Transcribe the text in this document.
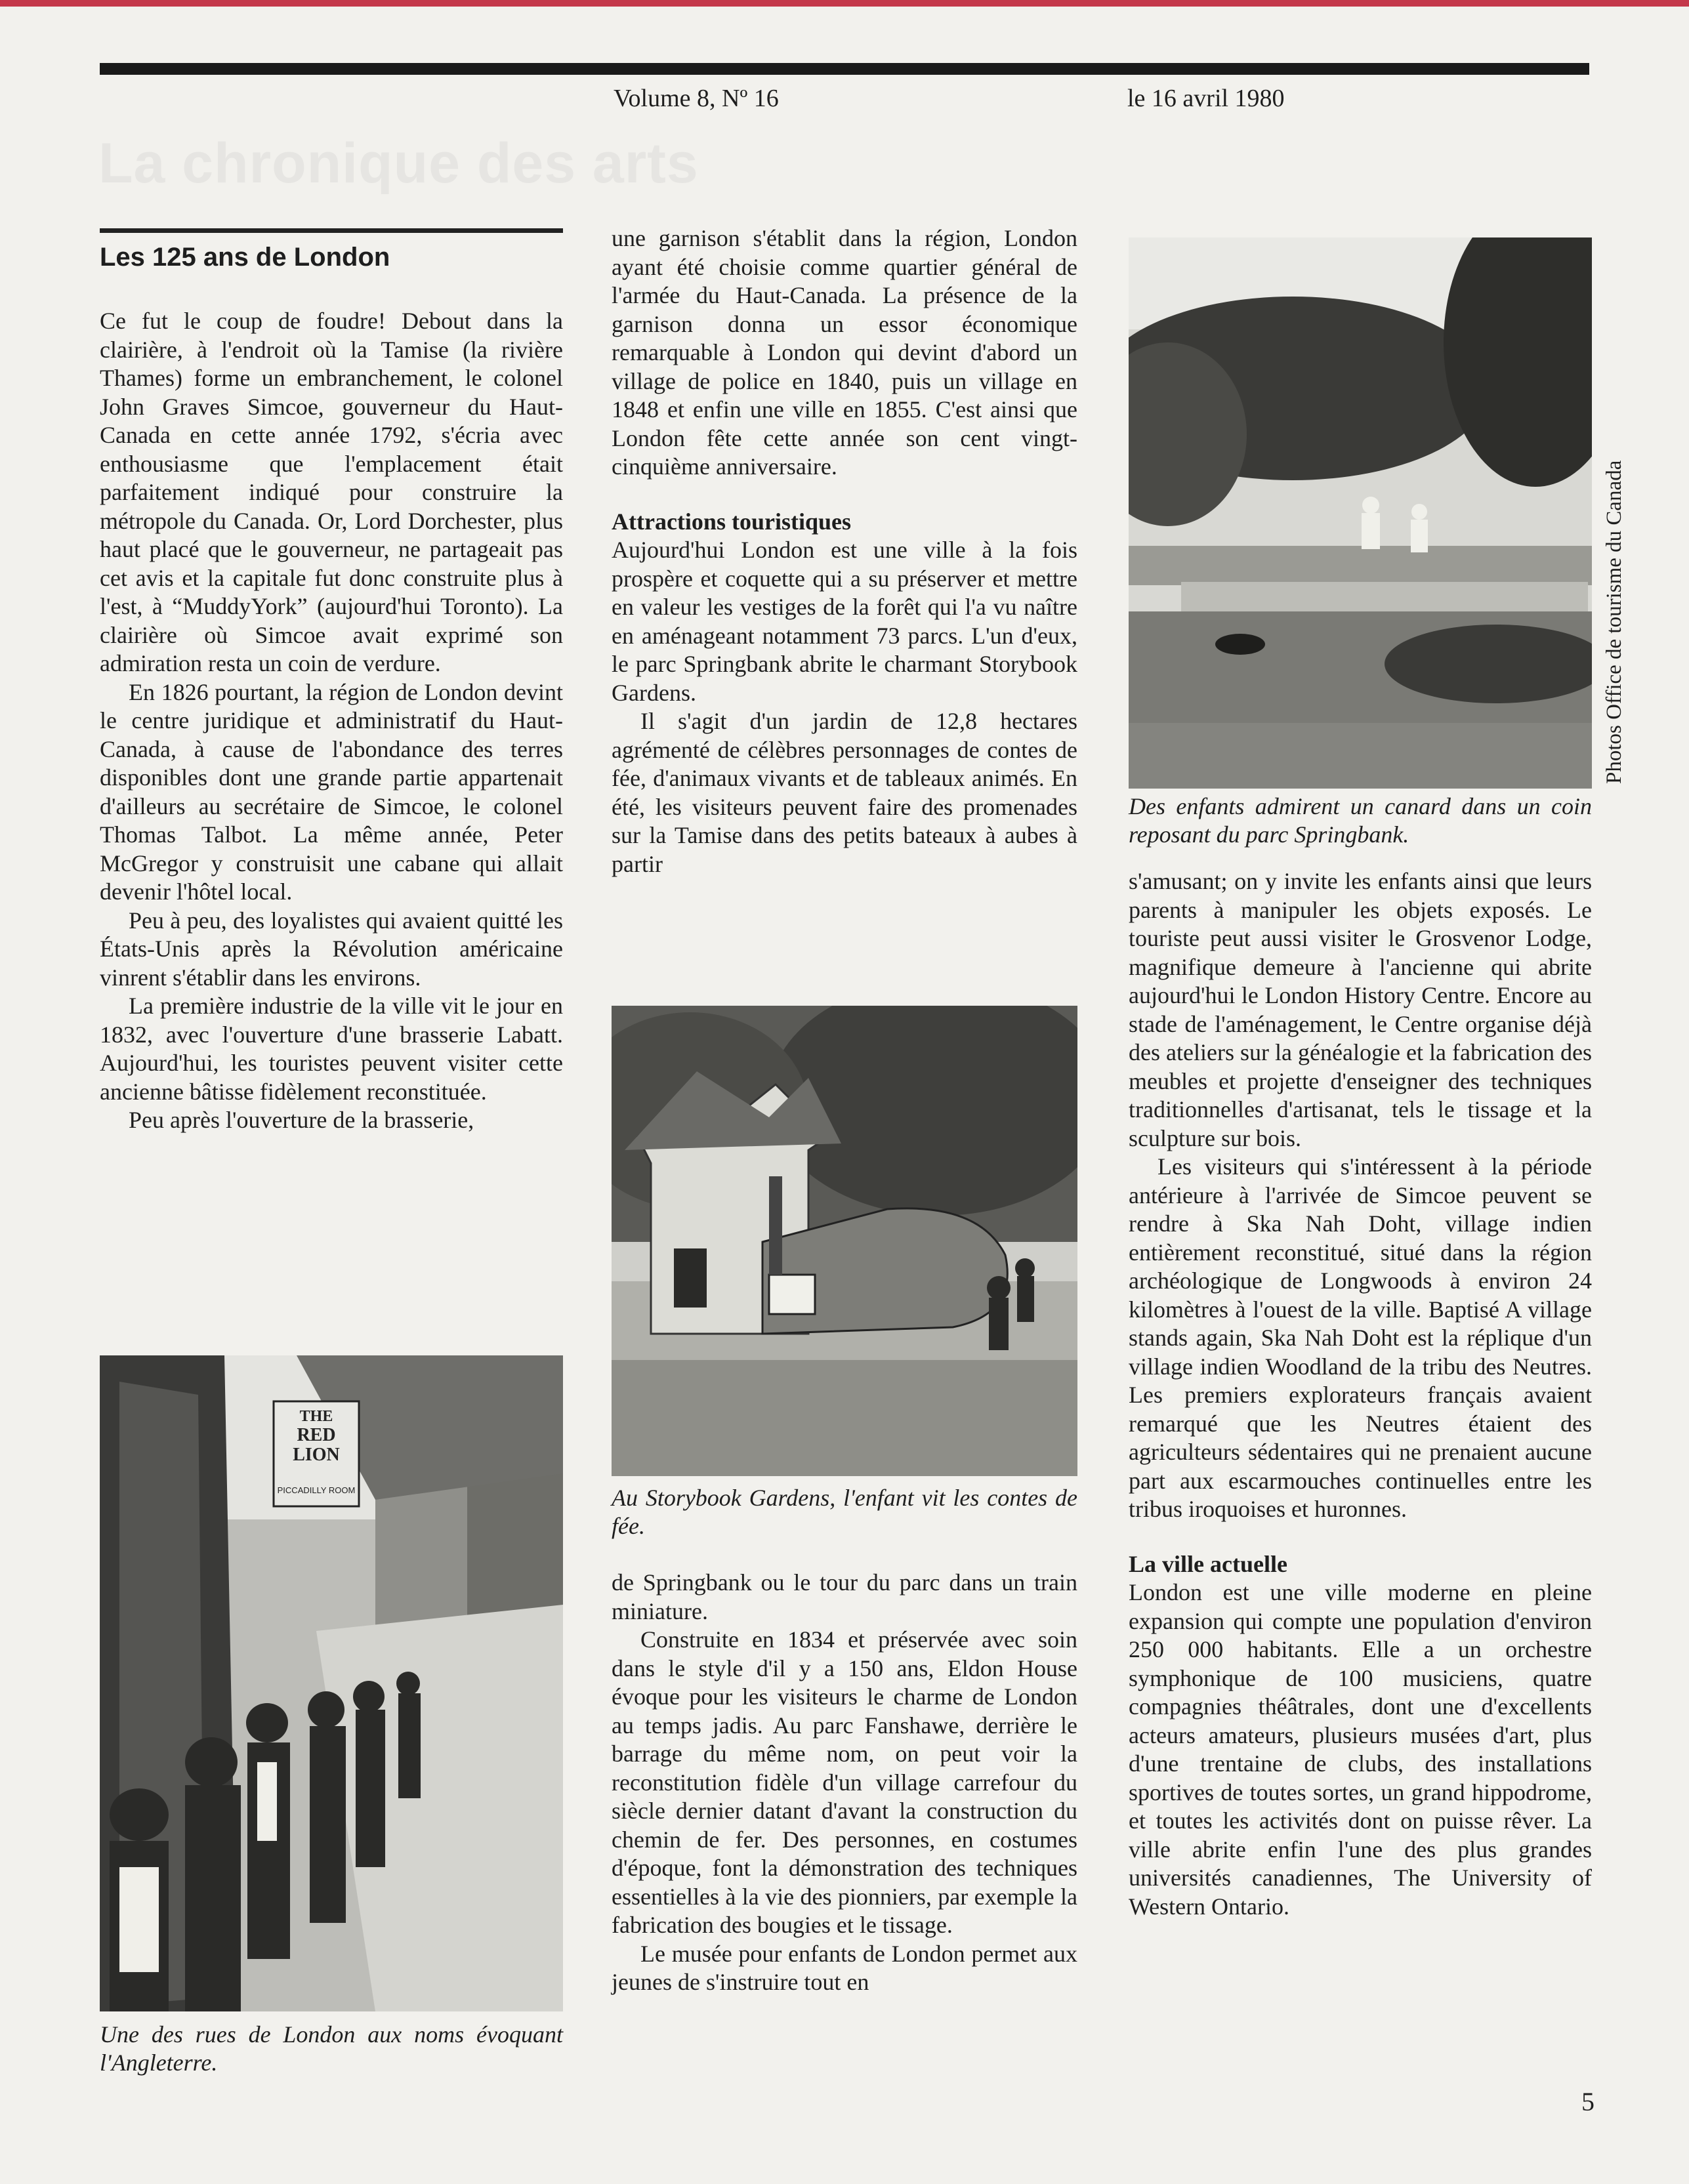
Volume 8, Nº 16	le 16 avril 1980
La chronique des arts
Les 125 ans de London

Ce fut le coup de foudre! Debout dans la clairière, à l'endroit où la Tamise (la rivière Thames) forme un embranchement, le colonel John Graves Simcoe, gouverneur du Haut-Canada en cette année 1792, s'écria avec enthousiasme que l'emplacement était parfaitement indiqué pour construire la métropole du Canada. Or, Lord Dorchester, plus haut placé que le gouverneur, ne partageait pas cet avis et la capitale fut donc construite plus à l'est, à “MuddyYork” (aujourd'hui Toronto). La clairière où Simcoe avait exprimé son admiration resta un coin de verdure.

En 1826 pourtant, la région de London devint le centre juridique et administratif du Haut-Canada, à cause de l'abondance des terres disponibles dont une grande partie appartenait d'ailleurs au secrétaire de Simcoe, le colonel Thomas Talbot. La même année, Peter McGregor y construisit une cabane qui allait devenir l'hôtel local.

Peu à peu, des loyalistes qui avaient quitté les États-Unis après la Révolution américaine vinrent s'établir dans les environs.

La première industrie de la ville vit le jour en 1832, avec l'ouverture d'une brasserie Labatt. Aujourd'hui, les touristes peuvent visiter cette ancienne bâtisse fidèlement reconstituée.

Peu après l'ouverture de la brasserie,

THE
RED
LION
PICCADILLY ROOM
Une des rues de London aux noms évoquant l'Angleterre.

une garnison s'établit dans la région, London ayant été choisie comme quartier général de l'armée du Haut-Canada. La présence de la garnison donna un essor économique remarquable à London qui devint d'abord un village de police en 1840, puis un village en 1848 et enfin une ville en 1855. C'est ainsi que London fête cette année son cent vingt-cinquième anniversaire.

Attractions touristiques

Aujourd'hui London est une ville à la fois prospère et coquette qui a su préserver et mettre en valeur les vestiges de la forêt qui l'a vu naître en aménageant notamment 73 parcs. L'un d'eux, le parc Springbank abrite le charmant Storybook Gardens.

Il s'agit d'un jardin de 12,8 hectares agrémenté de célèbres personnages de contes de fée, d'animaux vivants et de tableaux animés. En été, les visiteurs peuvent faire des promenades sur la Tamise dans des petits bateaux à aubes à partir

Au Storybook Gardens, l'enfant vit les contes de fée.

de Springbank ou le tour du parc dans un train miniature.

Construite en 1834 et préservée avec soin dans le style d'il y a 150 ans, Eldon House évoque pour les visiteurs le charme de London au temps jadis. Au parc Fanshawe, derrière le barrage du même nom, on peut voir la reconstitution fidèle d'un village carrefour du siècle dernier datant d'avant la construction du chemin de fer. Des personnes, en costumes d'époque, font la démonstration des techniques essentielles à la vie des pionniers, par exemple la fabrication des bougies et le tissage.

Le musée pour enfants de London permet aux jeunes de s'instruire tout en

Photos Office de tourisme du Canada
Des enfants admirent un canard dans un coin reposant du parc Springbank.

s'amusant; on y invite les enfants ainsi que leurs parents à manipuler les objets exposés. Le touriste peut aussi visiter le Grosvenor Lodge, magnifique demeure à l'ancienne qui abrite aujourd'hui le London History Centre. Encore au stade de l'aménagement, le Centre organise déjà des ateliers sur la généalogie et la fabrication des meubles et projette d'enseigner des techniques traditionnelles d'artisanat, tels le tissage et la sculpture sur bois.

Les visiteurs qui s'intéressent à la période antérieure à l'arrivée de Simcoe peuvent se rendre à Ska Nah Doht, village indien entièrement reconstitué, situé dans la région archéologique de Longwoods à environ 24 kilomètres à l'ouest de la ville. Baptisé A village stands again, Ska Nah Doht est la réplique d'un village indien Woodland de la tribu des Neutres. Les premiers explorateurs français avaient remarqué que les Neutres étaient des agriculteurs sédentaires qui ne prenaient aucune part aux escarmouches continuelles entre les tribus iroquoises et huronnes.

La ville actuelle

London est une ville moderne en pleine expansion qui compte une population d'environ 250 000 habitants. Elle a un orchestre symphonique de 100 musiciens, quatre compagnies théâtrales, dont une d'excellents acteurs amateurs, plusieurs musées d'art, plus d'une trentaine de clubs, des installations sportives de toutes sortes, un grand hippodrome, et toutes les activités dont on puisse rêver. La ville abrite enfin l'une des plus grandes universités canadiennes, The University of Western Ontario.

5
